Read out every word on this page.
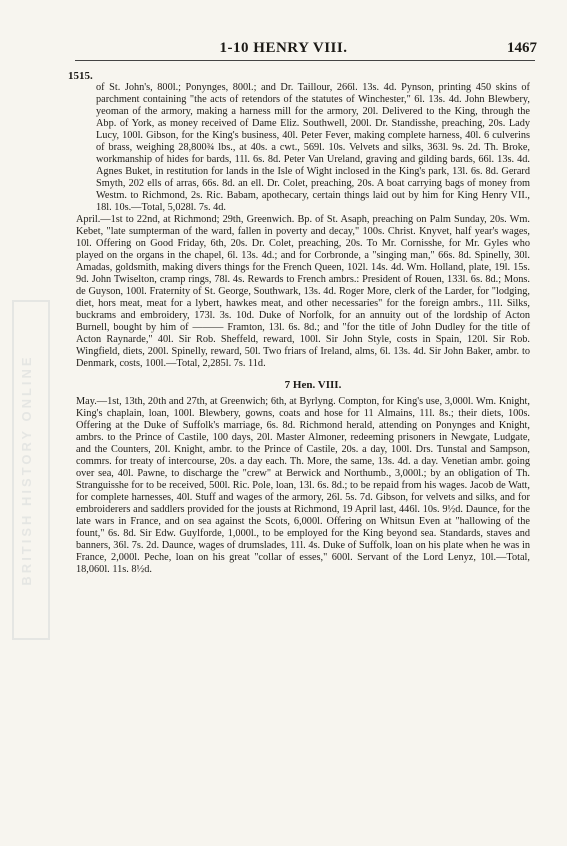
1-10 HENRY VIII.	1467
1515.
BRITISH HISTORY ONLINE

of St. John's, 800l.; Ponynges, 800l.; and Dr. Taillour, 266l. 13s. 4d. Pynson, printing 450 skins of parchment containing "the acts of retendors of the statutes of Winchester," 6l. 13s. 4d. John Blewbery, yeoman of the armory, making a harness mill for the armory, 20l. Delivered to the King, through the Abp. of York, as money received of Dame Eliz. Southwell, 200l. Dr. Standisshe, preaching, 20s. Lady Lucy, 100l. Gibson, for the King's business, 40l. Peter Fever, making complete harness, 40l. 6 culverins of brass, weighing 28,800¾ lbs., at 40s. a cwt., 569l. 10s. Velvets and silks, 363l. 9s. 2d. Th. Broke, workmanship of hides for bards, 11l. 6s. 8d. Peter Van Ureland, graving and gilding bards, 66l. 13s. 4d. Agnes Buket, in restitution for lands in the Isle of Wight inclosed in the King's park, 13l. 6s. 8d. Gerard Smyth, 202 ells of arras, 66s. 8d. an ell. Dr. Colet, preaching, 20s. A boat carrying bags of money from Westm. to Richmond, 2s. Ric. Babam, apothecary, certain things laid out by him for King Henry VII., 18l. 10s.—Total, 5,028l. 7s. 4d.

April.—1st to 22nd, at Richmond; 29th, Greenwich. Bp. of St. Asaph, preaching on Palm Sunday, 20s. Wm. Kebet, "late sumpterman of the ward, fallen in poverty and decay," 100s. Christ. Knyvet, half year's wages, 10l. Offering on Good Friday, 6th, 20s. Dr. Colet, preaching, 20s. To Mr. Cornisshe, for Mr. Gyles who played on the organs in the chapel, 6l. 13s. 4d.; and for Corbronde, a "singing man," 66s. 8d. Spinelly, 30l. Amadas, goldsmith, making divers things for the French Queen, 102l. 14s. 4d. Wm. Holland, plate, 19l. 15s. 9d. John Twiselton, cramp rings, 78l. 4s. Rewards to French ambrs.: President of Rouen, 133l. 6s. 8d.; Mons. de Guyson, 100l. Fraternity of St. George, Southwark, 13s. 4d. Roger More, clerk of the Larder, for "lodging, diet, hors meat, meat for a lybert, hawkes meat, and other necessaries" for the foreign ambrs., 11l. Silks, buckrams and embroidery, 173l. 3s. 10d. Duke of Norfolk, for an annuity out of the lordship of Acton Burnell, bought by him of ——— Framton, 13l. 6s. 8d.; and "for the title of John Dudley for the title of Acton Raynarde," 40l. Sir Rob. Sheffeld, reward, 100l. Sir John Style, costs in Spain, 120l. Sir Rob. Wingfield, diets, 200l. Spinelly, reward, 50l. Two friars of Ireland, alms, 6l. 13s. 4d. Sir John Baker, ambr. to Denmark, costs, 100l.—Total, 2,285l. 7s. 11d.

7 Hen. VIII.

May.—1st, 13th, 20th and 27th, at Greenwich; 6th, at Byrlyng. Compton, for King's use, 3,000l. Wm. Knight, King's chaplain, loan, 100l. Blewbery, gowns, coats and hose for 11 Almains, 11l. 8s.; their diets, 100s. Offering at the Duke of Suffolk's marriage, 6s. 8d. Richmond herald, attending on Ponynges and Knight, ambrs. to the Prince of Castile, 100 days, 20l. Master Almoner, redeeming prisoners in Newgate, Ludgate, and the Counters, 20l. Knight, ambr. to the Prince of Castile, 20s. a day, 100l. Drs. Tunstal and Sampson, commrs. for treaty of intercourse, 20s. a day each. Th. More, the same, 13s. 4d. a day. Venetian ambr. going over sea, 40l. Pawne, to discharge the "crew" at Berwick and Northumb., 3,000l.; by an obligation of Th. Stranguisshe for to be received, 500l. Ric. Pole, loan, 13l. 6s. 8d.; to be repaid from his wages. Jacob de Watt, for complete harnesses, 40l. Stuff and wages of the armory, 26l. 5s. 7d. Gibson, for velvets and silks, and for embroiderers and saddlers provided for the jousts at Richmond, 19 April last, 446l. 10s. 9½d. Daunce, for the late wars in France, and on sea against the Scots, 6,000l. Offering on Whitsun Even at "hallowing of the fount," 6s. 8d. Sir Edw. Guylforde, 1,000l., to be employed for the King beyond sea. Standards, staves and banners, 36l. 7s. 2d. Daunce, wages of drumslades, 11l. 4s. Duke of Suffolk, loan on his plate when he was in France, 2,000l. Peche, loan on his great "collar of esses," 600l. Servant of the Lord Lenyz, 10l.—Total, 18,060l. 11s. 8½d.
